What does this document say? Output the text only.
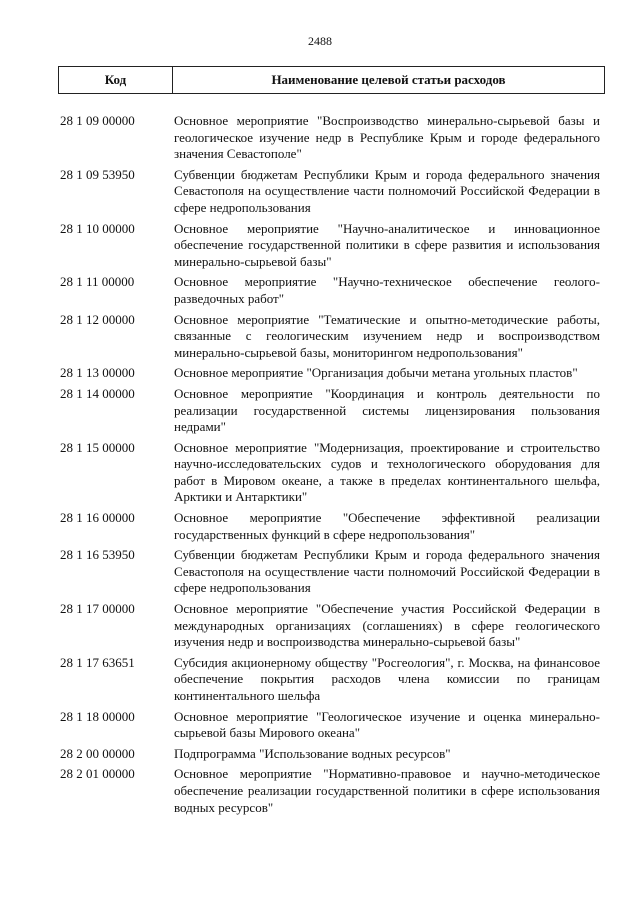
2488
Код	Наименование целевой статьи расходов
28 1 09 00000	Основное мероприятие "Воспроизводство минерально-сырьевой базы и геологическое изучение недр в Республике Крым и городе федерального значения Севастополе"
28 1 09 53950	Субвенции бюджетам Республики Крым и города федерального значения Севастополя на осуществление части полномочий Российской Федерации в сфере недропользования
28 1 10 00000	Основное мероприятие "Научно-аналитическое и инновационное обеспечение государственной политики в сфере развития и использования минерально-сырьевой базы"
28 1 11 00000	Основное мероприятие "Научно-техническое обеспечение геолого-разведочных работ"
28 1 12 00000	Основное мероприятие "Тематические и опытно-методические работы, связанные с геологическим изучением недр и воспроизводством минерально-сырьевой базы, мониторингом недропользования"
28 1 13 00000	Основное мероприятие "Организация добычи метана угольных пластов"
28 1 14 00000	Основное мероприятие "Координация и контроль деятельности по реализации государственной системы лицензирования пользования недрами"
28 1 15 00000	Основное мероприятие "Модернизация, проектирование и строительство научно-исследовательских судов и технологического оборудования для работ в Мировом океане, а также в пределах континентального шельфа, Арктики и Антарктики"
28 1 16 00000	Основное мероприятие "Обеспечение эффективной реализации государственных функций в сфере недропользования"
28 1 16 53950	Субвенции бюджетам Республики Крым и города федерального значения Севастополя на осуществление части полномочий Российской Федерации в сфере недропользования
28 1 17 00000	Основное мероприятие "Обеспечение участия Российской Федерации в международных организациях (соглашениях) в сфере геологического изучения недр и воспроизводства минерально-сырьевой базы"
28 1 17 63651	Субсидия акционерному обществу "Росгеология", г. Москва, на финансовое обеспечение покрытия расходов члена комиссии по границам континентального шельфа
28 1 18 00000	Основное мероприятие "Геологическое изучение и оценка минерально-сырьевой базы Мирового океана"
28 2 00 00000	Подпрограмма "Использование водных ресурсов"
28 2 01 00000	Основное мероприятие "Нормативно-правовое и научно-методическое обеспечение реализации государственной политики в сфере использования водных ресурсов"
